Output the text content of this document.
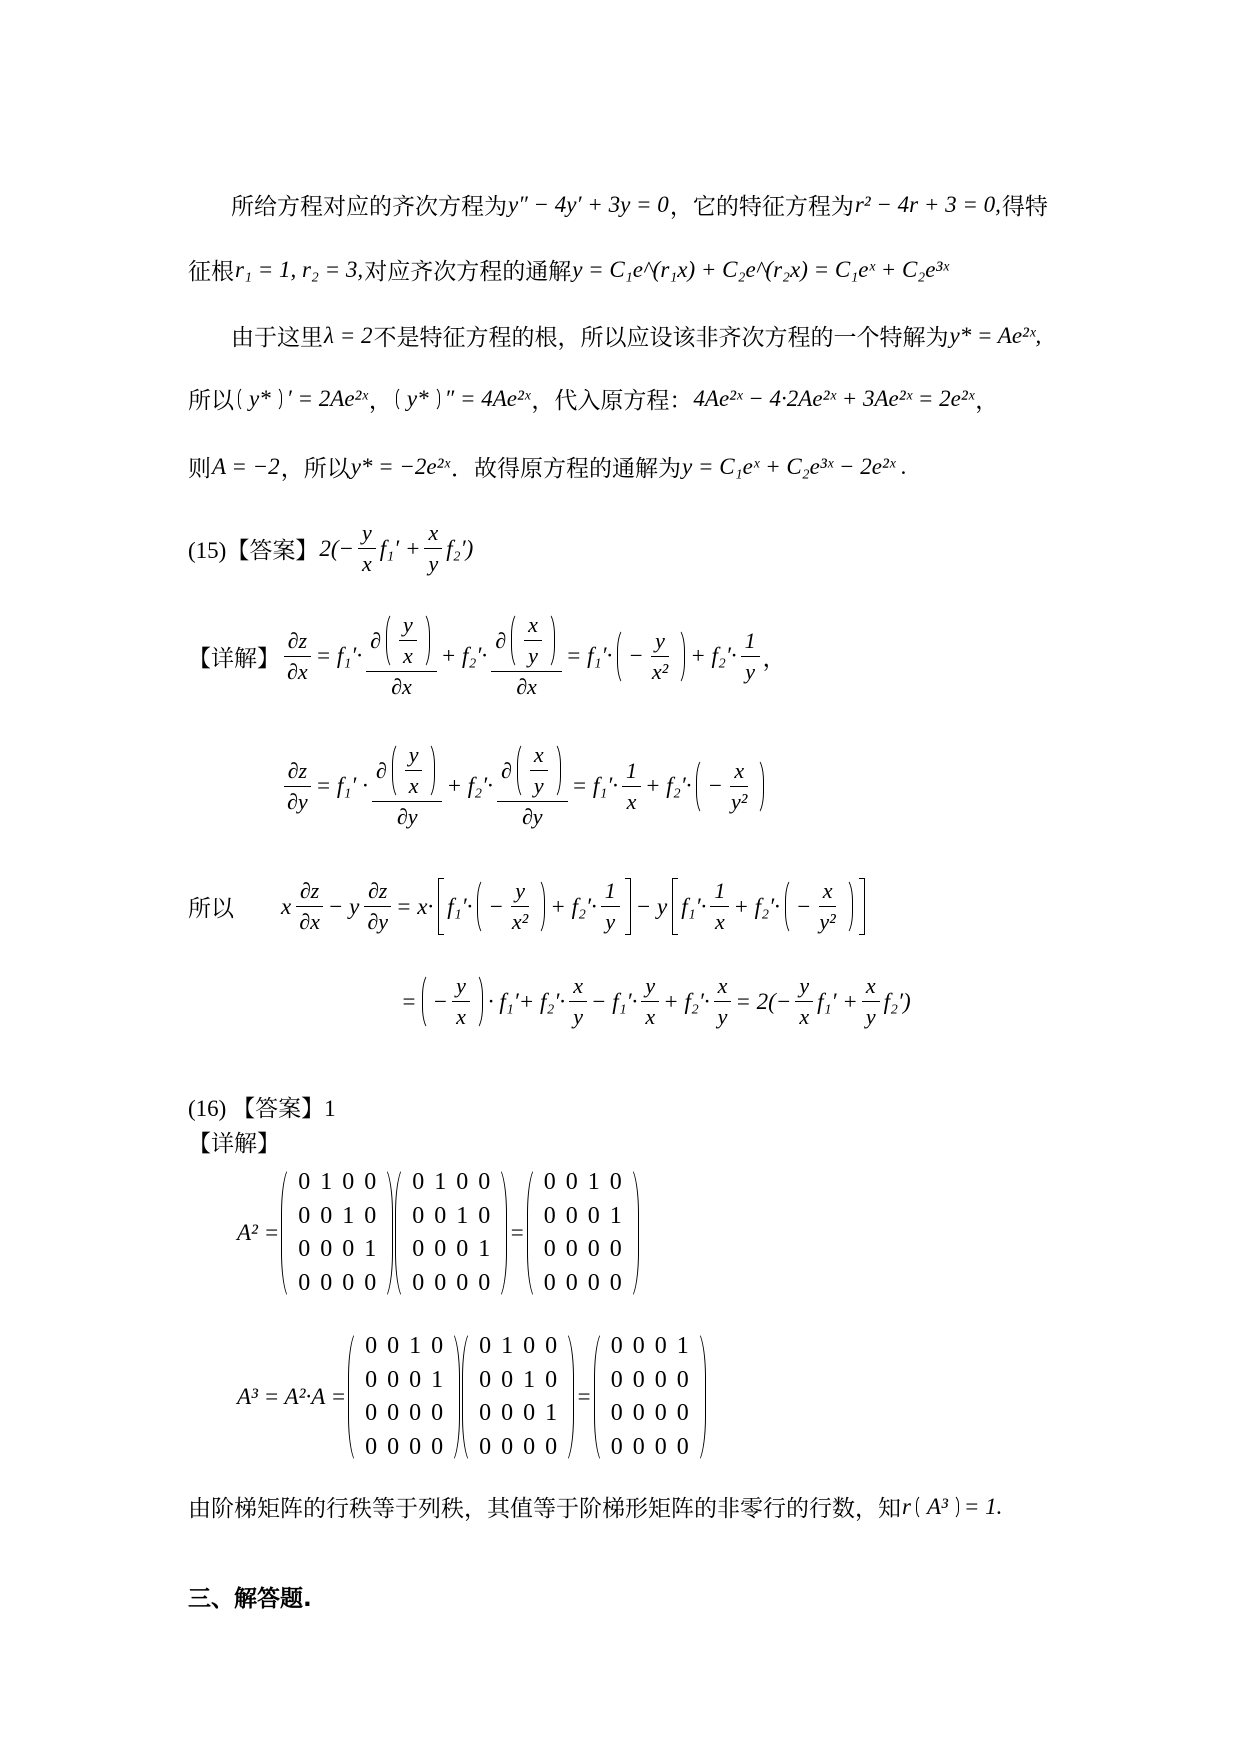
所给方程对应的齐次方程为 y″ − 4y′ + 3y = 0 ，它的特征方程为 r² − 4r + 3 = 0, 得特
征根 r₁ = 1, r₂ = 3, 对应齐次方程的通解 y = C₁e^(r₁x) + C₂e^(r₂x) = C₁eˣ + C₂e³ˣ
由于这里 λ = 2 不是特征方程的根，所以应设该非齐次方程的一个特解为 y* = Ae²ˣ,
所以 y* ′ = 2Ae²ˣ ， y* ″ = 4Ae²ˣ ，代入原方程： 4Ae²ˣ − 4·2Ae²ˣ + 3Ae²ˣ = 2e²ˣ ，
则 A = −2 ，所以 y* = −2e²ˣ ．故得原方程的通解为 y = C₁eˣ + C₂e³ˣ − 2e²ˣ .
(15)【答案】 $2(- \frac{y}{x} f_1' + \frac{x}{y} f_2')$
【详解】 $\frac{\partial z}{\partial x} = f_1'\cdot \frac{\partial \frac{y}{x}}{\partial x} + f_2'\cdot \frac{\partial \frac{x}{y}}{\partial x} = f_1'\cdot - \frac{y}{\text{x²}} + f_2'\cdot \frac{1}{y}$ ，
$\frac{\partial z}{\partial y} = f_1' \cdot \frac{\partial \frac{y}{x}}{\partial y} + f_2'\cdot \frac{\partial \frac{x}{y}}{\partial y} = f_1'\cdot \frac{1}{x} + f_2'\cdot - \frac{x}{\text{y²}}$
所以
   x $\frac{\partial z}{\partial x} - y \frac{\partial z}{\partial y} = x\cdot f_1'\cdot - \frac{y}{\text{x²}} + f_2'\cdot \frac{1}{y} - y$ $f_1'\cdot \frac{1}{x} + f_2'\cdot - \frac{x}{\text{y²}}$
= − $\frac{y}{x} \cdot f_1'+ f_2'\cdot \frac{x}{y} - f_1'\cdot \frac{y}{x} + f_2'\cdot \frac{x}{y} = 2(- \frac{y}{x} f_1' + \frac{x}{y} f_2')$
(16) 【答案】1
【详解】
A² =
0 1 0 0
0 0 1 0
0 0 0 1
0 0 0 0
0 1 0 0
0 0 1 0
0 0 0 1
0 0 0 0
=
0 0 1 0
0 0 0 1
0 0 0 0
0 0 0 0
A³ = A²·A =
0 0 1 0
0 0 0 1
0 0 0 0
0 0 0 0
0 1 0 0
0 0 1 0
0 0 0 1
0 0 0 0
=
0 0 0 1
0 0 0 0
0 0 0 0
0 0 0 0
由阶梯矩阵的行秩等于列秩，其值等于阶梯形矩阵的非零行的行数，知 r A³ = 1.
三、解答题.
